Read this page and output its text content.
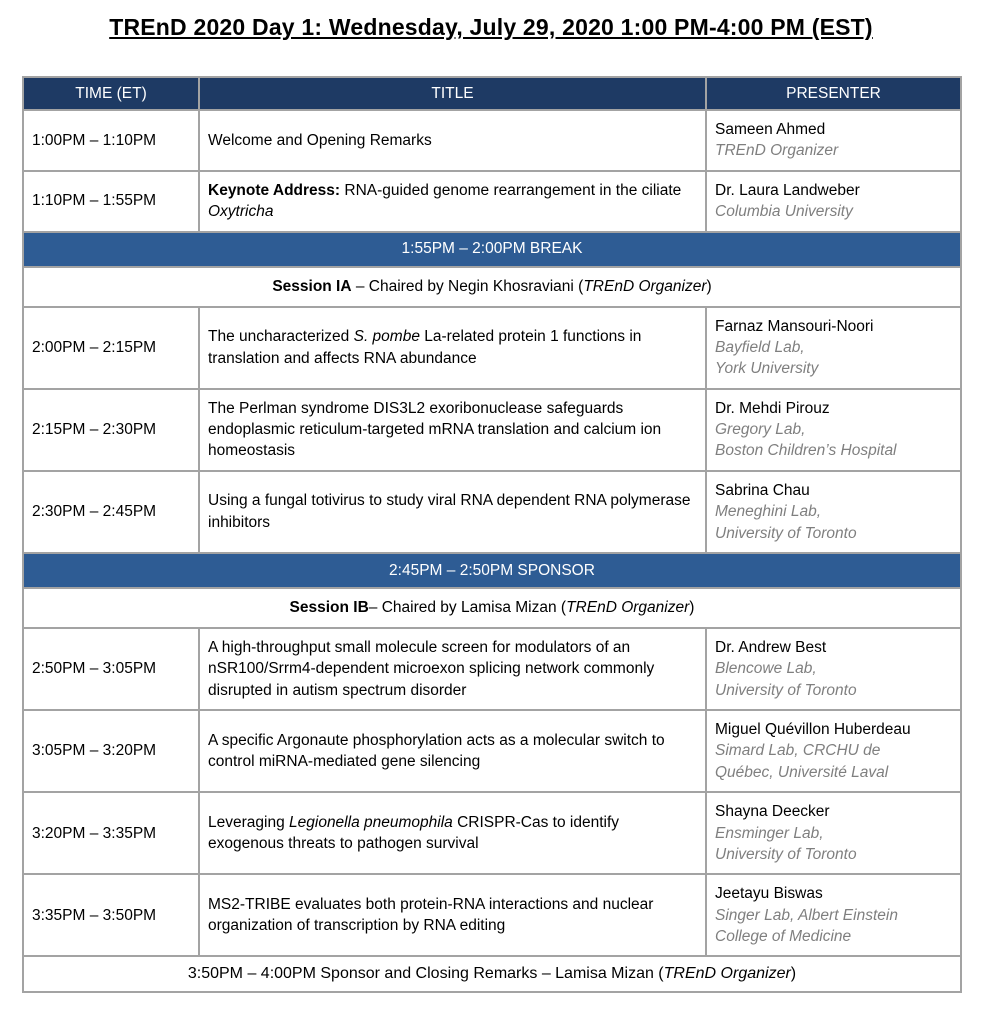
TREnD 2020 Day 1: Wednesday, July 29, 2020 1:00 PM-4:00 PM (EST)
TIME (ET)	TITLE	PRESENTER
1:00PM – 1:10PM	Welcome and Opening Remarks	Sameen Ahmed
TREnD Organizer

1:10PM – 1:55PM	Keynote Address: RNA-guided genome rearrangement in the ciliate Oxytricha	Dr. Laura Landweber
Columbia University

1:55PM – 2:00PM BREAK		
Session IA – Chaired by Negin Khosraviani (TREnD Organizer)		
2:00PM – 2:15PM	The uncharacterized S. pombe La-related protein 1 functions in translation and affects RNA abundance	Farnaz Mansouri-Noori
Bayfield Lab,
York University

2:15PM – 2:30PM	The Perlman syndrome DIS3L2 exoribonuclease safeguards endoplasmic reticulum-targeted mRNA translation and calcium ion homeostasis	Dr. Mehdi Pirouz
Gregory Lab,
Boston Children’s Hospital

2:30PM – 2:45PM	Using a fungal totivirus to study viral RNA dependent RNA polymerase inhibitors	Sabrina Chau
Meneghini Lab,
University of Toronto

2:45PM – 2:50PM SPONSOR		
Session IB– Chaired by Lamisa Mizan (TREnD Organizer)		
2:50PM – 3:05PM	A high-throughput small molecule screen for modulators of an nSR100/Srrm4-dependent microexon splicing network commonly disrupted in autism spectrum disorder	Dr. Andrew Best
Blencowe Lab,
University of Toronto

3:05PM – 3:20PM	A specific Argonaute phosphorylation acts as a molecular switch to control miRNA-mediated gene silencing	Miguel Quévillon Huberdeau
Simard Lab, CRCHU de
Québec, Université Laval

3:20PM – 3:35PM	Leveraging Legionella pneumophila CRISPR-Cas to identify exogenous threats to pathogen survival	Shayna Deecker
Ensminger Lab,
University of Toronto

3:35PM – 3:50PM	MS2-TRIBE evaluates both protein-RNA interactions and nuclear organization of transcription by RNA editing	Jeetayu Biswas
Singer Lab, Albert Einstein
College of Medicine

3:50PM – 4:00PM Sponsor and Closing Remarks – Lamisa Mizan (TREnD Organizer)		
